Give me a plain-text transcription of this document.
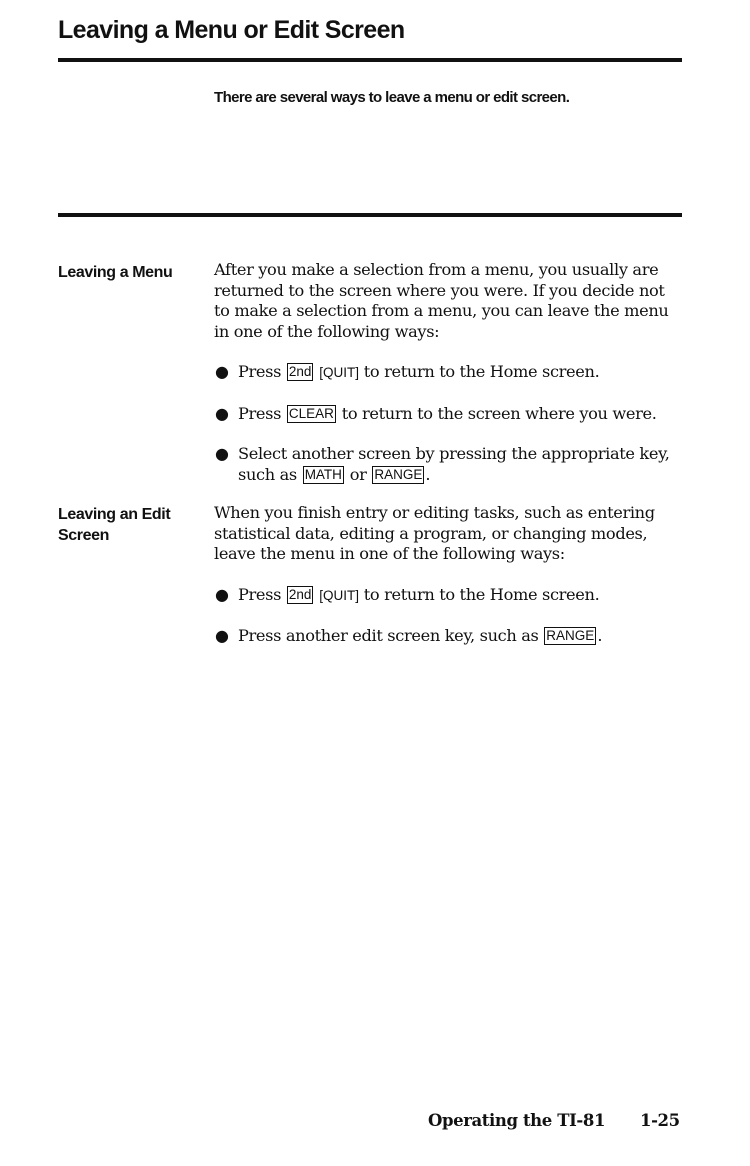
Leaving a Menu or Edit Screen
There are several ways to leave a menu or edit screen.
Leaving a Menu	After you make a selection from a menu, you usually are returned to the screen where you were. If you decide not to make a selection from a menu, you can leave the menu in one of the following ways:

● Press 2nd [QUIT] to return to the Home screen.
● Press CLEAR to return to the screen where you were.
● Select another screen by pressing the appropriate key, such as MATH or RANGE .
Leaving an Edit Screen

When you finish entry or editing tasks, such as entering statistical data, editing a program, or changing modes, leave the menu in one of the following ways:

● Press 2nd [QUIT] to return to the Home screen.
● Press another edit screen key, such as RANGE .
Operating the TI-81 1-25
